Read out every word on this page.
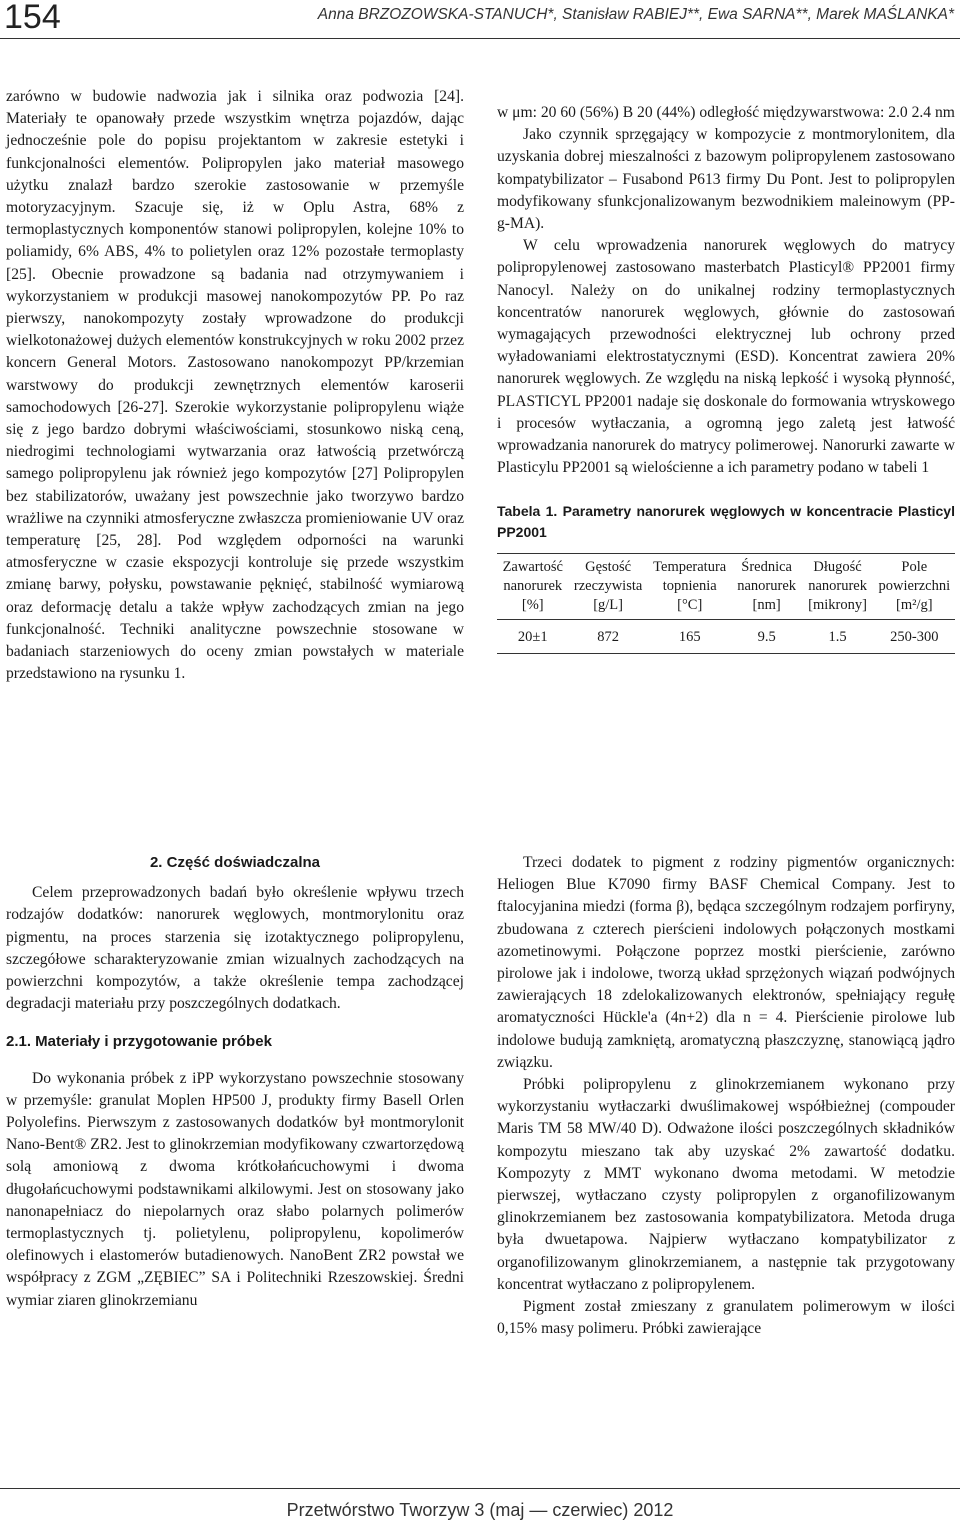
154	Anna BRZOZOWSKA-STANUCH*, Stanisław RABIEJ**, Ewa SARNA**, Marek MAŚLANKA*

zarówno w budowie nadwozia jak i silnika oraz podwozia [24]. Materiały te opanowały przede wszystkim wnętrza pojazdów, dając jednocześnie pole do popisu projektantom w zakresie estetyki i funkcjonalności elementów. Polipropylen jako materiał masowego użytku znalazł bardzo szerokie zastosowanie w przemyśle motoryzacyjnym. Szacuje się, iż w Oplu Astra, 68% z termoplastycznych komponentów stanowi polipropylen, kolejne 10% to poliamidy, 6% ABS, 4% to polietylen oraz 12% pozostałe termoplasty [25]. Obecnie prowadzone są badania nad otrzymywaniem i wykorzystaniem w produkcji masowej nanokompozytów PP. Po raz pierwszy, nanokompozyty zostały wprowadzone do produkcji wielkotonażowej dużych elementów konstrukcyjnych w roku 2002 przez koncern General Motors. Zastosowano nanokompozyt PP/krzemian warstwowy do produkcji zewnętrznych elementów karoserii samochodowych [26-27]. Szerokie wykorzystanie polipropylenu wiąże się z jego bardzo dobrymi właściwościami, stosunkowo niską ceną, niedrogimi technologiami wytwarzania oraz łatwością przetwórczą samego polipropylenu jak również jego kompozytów [27] Polipropylen bez stabilizatorów, uważany jest powszechnie jako tworzywo bardzo wrażliwe na czynniki atmosferyczne zwłaszcza promieniowanie UV oraz temperaturę [25, 28]. Pod względem odporności na warunki atmosferyczne w czasie ekspozycji kontroluje się przede wszystkim zmianę barwy, połysku, powstawanie pęknięć, stabilność wymiarową oraz deformację detalu a także wpływ zachodzących zmian na jego funkcjonalność. Techniki analityczne powszechnie stosowane w badaniach starzeniowych do oceny zmian powstałych w materiale przedstawiono na rysunku 1.

w μm: 20 60 (56%) B 20 (44%) odległość międzywarstwowa: 2.0 2.4 nm

Jako czynnik sprzęgający w kompozycie z montmorylonitem, dla uzyskania dobrej mieszalności z bazowym polipropylenem zastosowano kompatybilizator – Fusabond P613 firmy Du Pont. Jest to polipropylen modyfikowany sfunkcjonalizowanym bezwodnikiem maleinowym (PP-g-MA).

W celu wprowadzenia nanorurek węglowych do matrycy polipropylenowej zastosowano masterbatch Plasticyl® PP2001 firmy Nanocyl. Należy on do unikalnej rodziny termoplastycznych koncentratów nanorurek węglowych, głównie do zastosowań wymagających przewodności elektrycznej lub ochrony przed wyładowaniami elektrostatycznymi (ESD). Koncentrat zawiera 20% nanorurek węglowych. Ze względu na niską lepkość i wysoką płynność, PLASTICYL PP2001 nadaje się doskonale do formowania wtryskowego i procesów wytłaczania, a ogromną jego zaletą jest łatwość wprowadzania nanorurek do matrycy polimerowej. Nanorurki zawarte w Plasticylu PP2001 są wielościenne a ich parametry podano w tabeli 1

Tabela 1. Parametry nanorurek węglowych w koncentracie Plasticyl PP2001
Zawartość nanorurek [%]	Gęstość rzeczywista [g/L]	Temperatura topnienia [°C]	Średnica nanorurek [nm]	Długość nanorurek [mikrony]	Pole powierzchni [m²/g]
20±1	872	165	9.5	1.5	250-300
2. Część doświadczalna

Celem przeprowadzonych badań było określenie wpływu trzech rodzajów dodatków: nanorurek węglowych, montmorylonitu oraz pigmentu, na proces starzenia się izotaktycznego polipropylenu, szczegółowe scharakteryzowanie zmian wizualnych zachodzących na powierzchni kompozytów, a także określenie tempa zachodzącej degradacji materiału przy poszczególnych dodatkach.

2.1. Materiały i przygotowanie próbek

Do wykonania próbek z iPP wykorzystano powszechnie stosowany w przemyśle: granulat Moplen HP500 J, produkty firmy Basell Orlen Polyolefins. Pierwszym z zastosowanych dodatków był montmorylonit Nano-Bent® ZR2. Jest to glinokrzemian modyfikowany czwartorzędową solą amoniową z dwoma krótkołańcuchowymi i dwoma długołańcuchowymi podstawnikami alkilowymi. Jest on stosowany jako nanonapełniacz do niepolarnych oraz słabo polarnych polimerów termoplastycznych tj. polietylenu, polipropylenu, kopolimerów olefinowych i elastomerów butadienowych. NanoBent ZR2 powstał we współpracy z ZGM „ZĘBIEC” SA i Politechniki Rzeszowskiej. Średni wymiar ziaren glinokrzemianu

Trzeci dodatek to pigment z rodziny pigmentów organicznych: Heliogen Blue K7090 firmy BASF Chemical Company. Jest to ftalocyjanina miedzi (forma β), będąca szczególnym rodzajem porfiryny, zbudowana z czterech pierścieni indolowych połączonych mostkami azometinowymi. Połączone poprzez mostki pierścienie, zarówno pirolowe jak i indolowe, tworzą układ sprzężonych wiązań podwójnych zawierających 18 zdelokalizowanych elektronów, spełniający regułę aromatyczności Hückle'a (4n+2) dla n = 4. Pierścienie pirolowe lub indolowe budują zamkniętą, aromatyczną płaszczyznę, stanowiącą jądro związku.

Próbki polipropylenu z glinokrzemianem wykonano przy wykorzystaniu wytłaczarki dwuślimakowej współbieżnej (compouder Maris TM 58 MW/40 D). Odważone ilości poszczególnych składników kompozytu mieszano tak aby uzyskać 2% zawartość dodatku. Kompozyty z MMT wykonano dwoma metodami. W metodzie pierwszej, wytłaczano czysty polipropylen z organofilizowanym glinokrzemianem bez zastosowania kompatybilizatora. Metoda druga była dwuetapowa. Najpierw wytłaczano kompatybilizator z organofilizowanym glinokrzemianem, a następnie tak przygotowany koncentrat wytłaczano z polipropylenem.

Pigment został zmieszany z granulatem polimerowym w ilości 0,15% masy polimeru. Próbki zawierające

Przetwórstwo Tworzyw 3 (maj — czerwiec) 2012
